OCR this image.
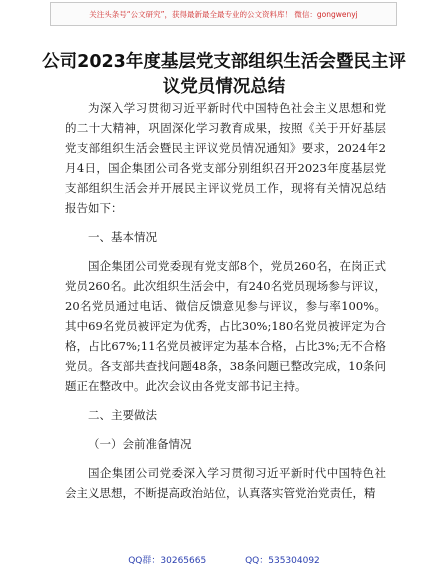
关注头条号“公文研究”，获得最新最全最专业的公文资料库！ 微信：gongwenyj
公司2023年度基层党支部组织生活会暨民主评议党员情况总结

为深入学习贯彻习近平新时代中国特色社会主义思想和党的二十大精神，巩固深化学习教育成果，按照《关于开好基层党支部组织生活会暨民主评议党员情况通知》要求，2024年2月4日，国企集团公司各党支部分别组织召开2023年度基层党支部组织生活会并开展民主评议党员工作，现将有关情况总结报告如下：

一、基本情况

国企集团公司党委现有党支部8个，党员260名，在岗正式党员260名。此次组织生活会中，有240名党员现场参与评议，20名党员通过电话、微信反馈意见参与评议，参与率100%。其中69名党员被评定为优秀，占比30%;180名党员被评定为合格，占比67%;11名党员被评定为基本合格，占比3%;无不合格党员。各支部共查找问题48条，38条问题已整改完成，10条问题正在整改中。此次会议由各党支部书记主持。

二、主要做法

（一）会前准备情况

国企集团公司党委深入学习贯彻习近平新时代中国特色社会主义思想，不断提高政治站位，认真落实管党治党责任，精

QQ群：30265665	QQ：535304092
